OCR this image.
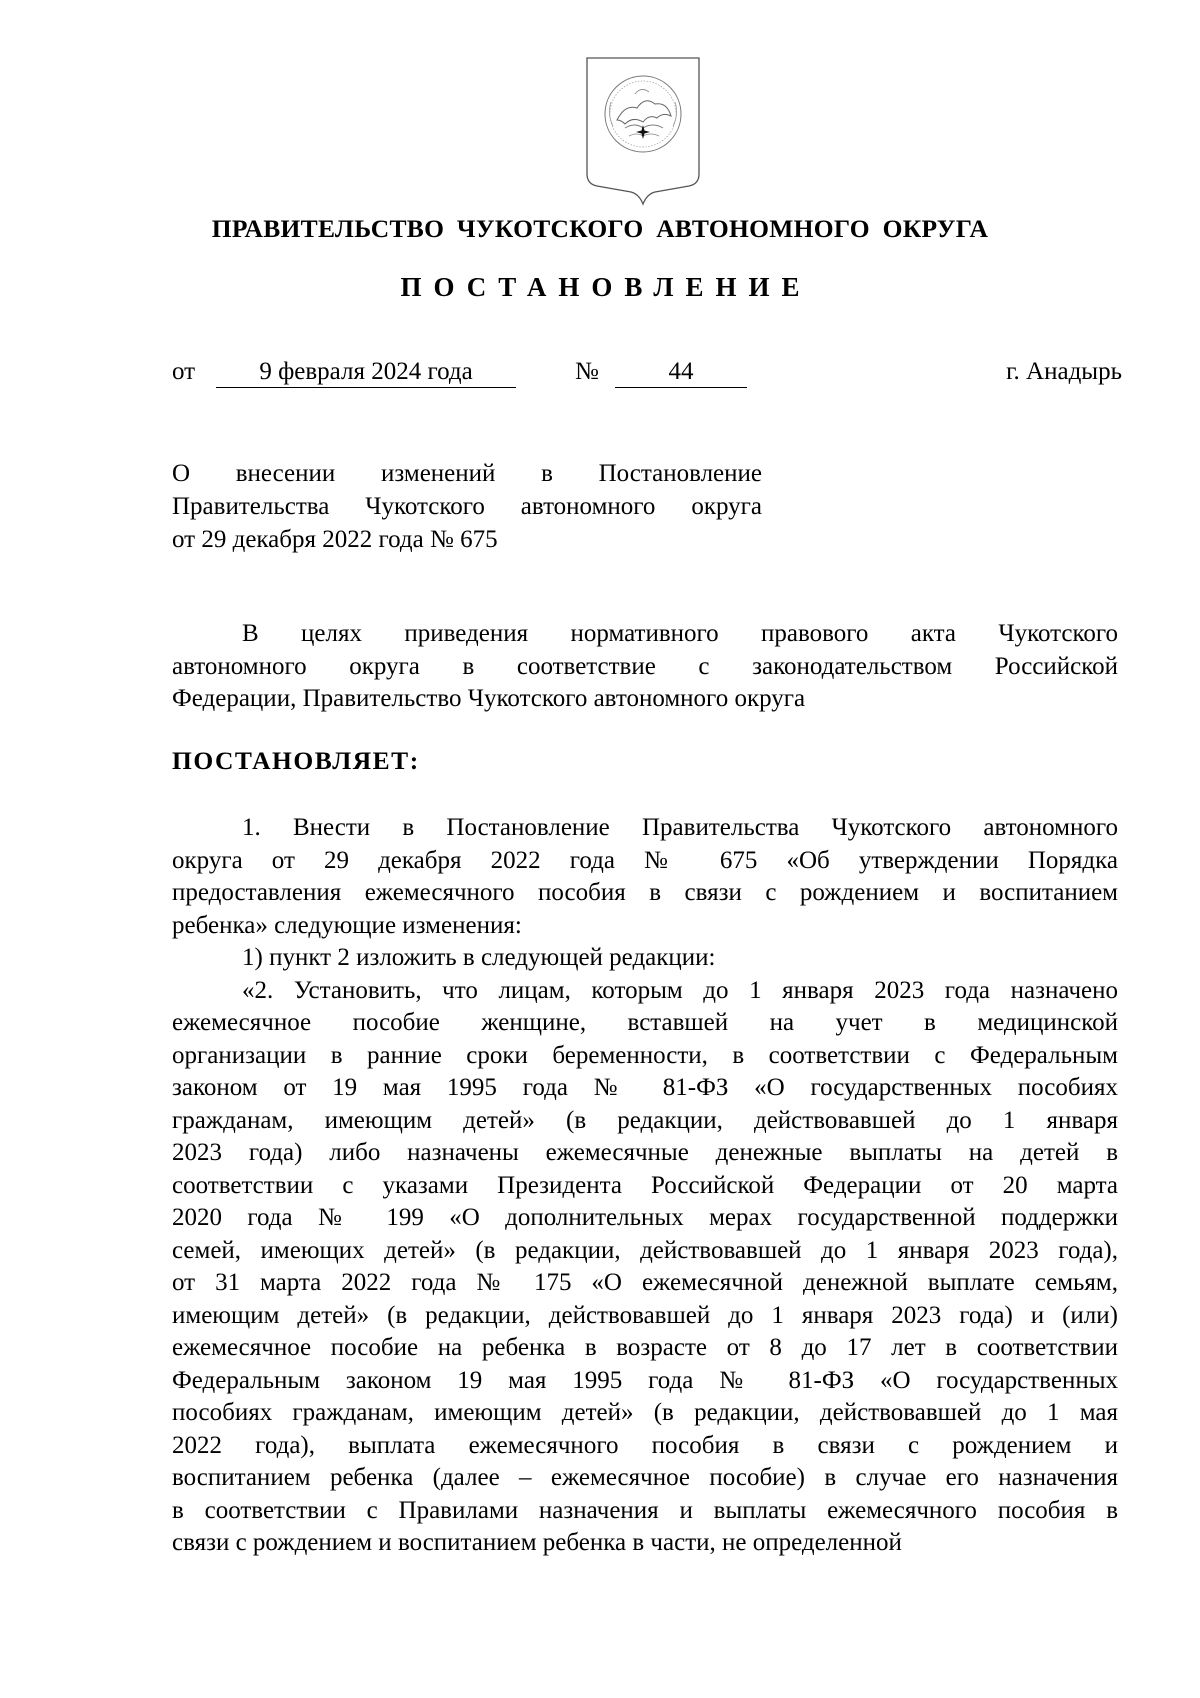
ПРАВИТЕЛЬСТВО ЧУКОТСКОГО АВТОНОМНОГО ОКРУГА
ПОСТАНОВЛЕНИЕ
от	9 февраля 2024 года	№	44	г. Анадырь

О внесении изменений в Постановление

Правительства Чукотского автономного округа

от 29 декабря 2022 года № 675

В целях приведения нормативного правового акта Чукотского
автономного округа в соответствие с законодательством Российской
Федерации, Правительство Чукотского автономного округа
ПОСТАНОВЛЯЕТ:
1. Внести в Постановление Правительства Чукотского автономного
округа от 29 декабря 2022 года № 675 «Об утверждении Порядка
предоставления ежемесячного пособия в связи с рождением и воспитанием
ребенка» следующие изменения:
1) пункт 2 изложить в следующей редакции:
«2. Установить, что лицам, которым до 1 января 2023 года назначено
ежемесячное пособие женщине, вставшей на учет в медицинской
организации в ранние сроки беременности, в соответствии с Федеральным
законом от 19 мая 1995 года № 81-ФЗ «О государственных пособиях
гражданам, имеющим детей» (в редакции, действовавшей до 1 января
2023 года) либо назначены ежемесячные денежные выплаты на детей в
соответствии с указами Президента Российской Федерации от 20 марта
2020 года № 199 «О дополнительных мерах государственной поддержки
семей, имеющих детей» (в редакции, действовавшей до 1 января 2023 года),
от 31 марта 2022 года № 175 «О ежемесячной денежной выплате семьям,
имеющим детей» (в редакции, действовавшей до 1 января 2023 года) и (или)
ежемесячное пособие на ребенка в возрасте от 8 до 17 лет в соответствии
Федеральным законом 19 мая 1995 года № 81-ФЗ «О государственных
пособиях гражданам, имеющим детей» (в редакции, действовавшей до 1 мая
2022 года), выплата ежемесячного пособия в связи с рождением и
воспитанием ребенка (далее – ежемесячное пособие) в случае его назначения
в соответствии с Правилами назначения и выплаты ежемесячного пособия в
связи с рождением и воспитанием ребенка в части, не определенной
